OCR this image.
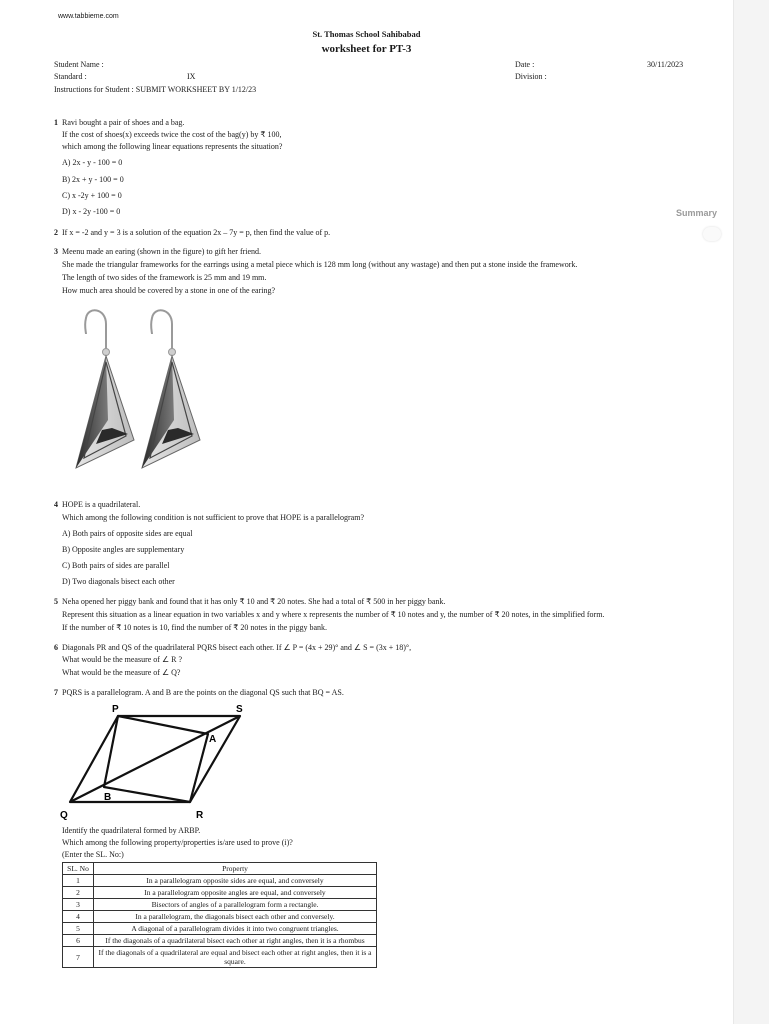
www.tabbieme.com
St. Thomas School Sahibabad
worksheet for PT-3
Student Name :	Date :	30/11/2023
Standard :	IX	Division :
Instructions for Student : SUBMIT WORKSHEET BY 1/12/23
1 Ravi bought a pair of shoes and a bag.
If the cost of shoes(x) exceeds twice the cost of the bag(y) by ₹ 100,
which among the following linear equations represents the situation?
A) 2x - y - 100 = 0
B) 2x + y - 100 = 0
C) x -2y + 100 = 0
D) x - 2y -100 = 0
2 If x = -2 and y = 3 is a solution of the equation 2x – 7y = p, then find the value of p.
3 Meenu made an earing (shown in the figure) to gift her friend.
She made the triangular frameworks for the earrings using a metal piece which is 128 mm long (without any wastage) and then put a stone inside the framework.
The length of two sides of the framework is 25 mm and 19 mm.
How much area should be covered by a stone in one of the earing?
4 HOPE is a quadrilateral.
Which among the following condition is not sufficient to prove that HOPE is a parallelogram?
A) Both pairs of opposite sides are equal
B) Opposite angles are supplementary
C) Both pairs of sides are parallel
D) Two diagonals bisect each other
5 Neha opened her piggy bank and found that it has only ₹ 10 and ₹ 20 notes. She had a total of ₹ 500 in her piggy bank.
Represent this situation as a linear equation in two variables x and y where x represents the number of ₹ 10 notes and y, the number of ₹ 20 notes, in the simplified form.
If the number of ₹ 10 notes is 10, find the number of ₹ 20 notes in the piggy bank.
6 Diagonals PR and QS of the quadrilateral PQRS bisect each other. If ∠ P = (4x + 29)° and ∠ S = (3x + 18)°,
What would be the measure of ∠ R ?
What would be the measure of ∠ Q?
7 PQRS is a parallelogram. A and B are the points on the diagonal QS such that BQ = AS.
P	S
A
B
Q	R
Identify the quadrilateral formed by ARBP.
Which among the following property/properties is/are used to prove (i)?
(Enter the SL. No:)
SL. No	Property
1	In a parallelogram opposite sides are equal, and conversely
2	In a parallelogram opposite angles are equal, and conversely
3	Bisectors of angles of a parallelogram form a rectangle.
4	In a parallelogram, the diagonals bisect each other and conversely.
5	A diagonal of a parallelogram divides it into two congruent triangles.
6	If the diagonals of a quadrilateral bisect each other at right angles, then it is a rhombus
7	If the diagonals of a quadrilateral are equal and bisect each other at right angles, then it is a square.
Summary
